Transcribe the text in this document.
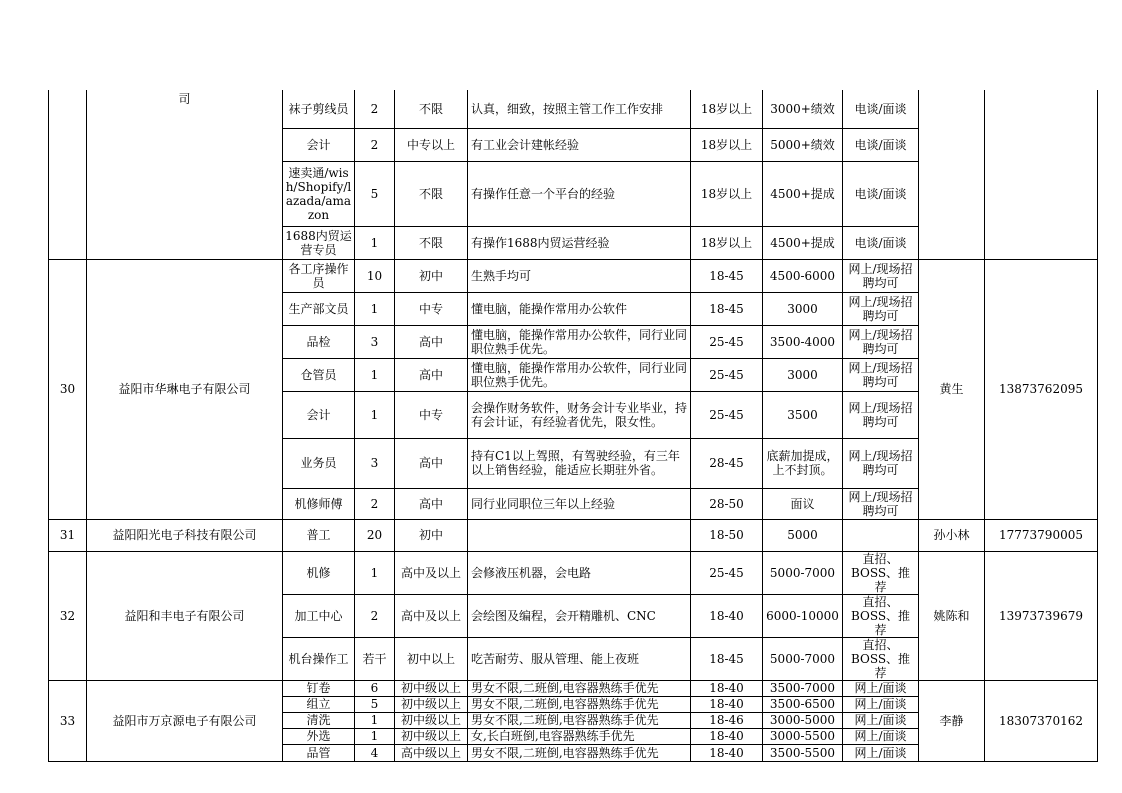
	司	袜子剪线员	2	不限	认真，细致，按照主管工作工作安排	18岁以上	3000+绩效	电谈/面谈		
		会计	2	中专以上	有工业会计建帐经验	18岁以上	5000+绩效	电谈/面谈		
		速卖通/wish/Shopify/lazada/amazon	5	不限	有操作任意一个平台的经验	18岁以上	4500+提成	电谈/面谈		
		1688内贸运营专员	1	不限	有操作1688内贸运营经验	18岁以上	4500+提成	电谈/面谈		
30	益阳市华琳电子有限公司	各工序操作员	10	初中	生熟手均可	18-45	4500-6000	网上/现场招聘均可	黄生	13873762095
		生产部文员	1	中专	懂电脑，能操作常用办公软件	18-45	3000	网上/现场招聘均可		
		品检	3	高中	懂电脑，能操作常用办公软件，同行业同职位熟手优先。	25-45	3500-4000	网上/现场招聘均可		
		仓管员	1	高中	懂电脑，能操作常用办公软件，同行业同职位熟手优先。	25-45	3000	网上/现场招聘均可		
		会计	1	中专	会操作财务软件，财务会计专业毕业，持有会计证，有经验者优先，限女性。	25-45	3500	网上/现场招聘均可		
		业务员	3	高中	持有C1以上驾照，有驾驶经验，有三年以上销售经验，能适应长期驻外省。	28-45	底薪加提成，上不封顶。	网上/现场招聘均可		
		机修师傅	2	高中	同行业同职位三年以上经验	28-50	面议	网上/现场招聘均可		
31	益阳阳光电子科技有限公司	普工	20	初中		18-50	5000		孙小林	17773790005
32	益阳和丰电子有限公司	机修	1	高中及以上	会修液压机器，会电路	25-45	5000-7000	直招、BOSS、推荐	姚陈和	13973739679
		加工中心	2	高中及以上	会绘图及编程，会开精雕机、CNC	18-40	6000-10000	直招、BOSS、推荐		
		机台操作工	若干	初中以上	吃苦耐劳、服从管理、能上夜班	18-45	5000-7000	直招、BOSS、推荐		
33	益阳市万京源电子有限公司	钉卷	6	初中级以上	男女不限,二班倒,电容器熟练手优先	18-40	3500-7000	网上/面谈	李静	18307370162
		组立	5	初中级以上	男女不限,二班倒,电容器熟练手优先	18-40	3500-6500	网上/面谈		
		清洗	1	初中级以上	男女不限,二班倒,电容器熟练手优先	18-46	3000-5000	网上/面谈		
		外选	1	初中级以上	女,长白班倒,电容器熟练手优先	18-40	3000-5500	网上/面谈		
		品管	4	高中级以上	男女不限,二班倒,电容器熟练手优先	18-40	3500-5500	网上/面谈		
